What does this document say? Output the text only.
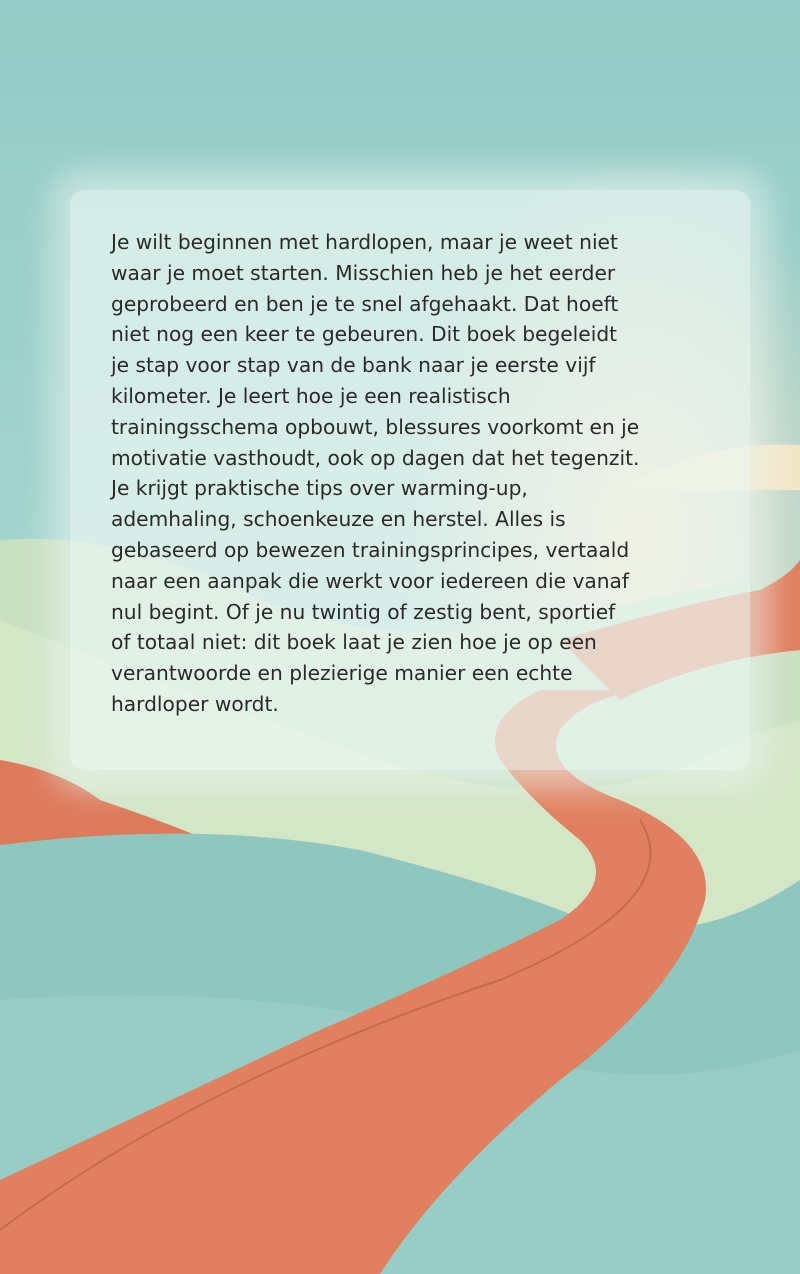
Je wilt beginnen met hardlopen, maar je weet niet
waar je moet starten. Misschien heb je het eerder
geprobeerd en ben je te snel afgehaakt. Dat hoeft
niet nog een keer te gebeuren. Dit boek begeleidt
je stap voor stap van de bank naar je eerste vijf
kilometer. Je leert hoe je een realistisch
trainingsschema opbouwt, blessures voorkomt en je
motivatie vasthoudt, ook op dagen dat het tegenzit.
Je krijgt praktische tips over warming-up,
ademhaling, schoenkeuze en herstel. Alles is
gebaseerd op bewezen trainingsprincipes, vertaald
naar een aanpak die werkt voor iedereen die vanaf
nul begint. Of je nu twintig of zestig bent, sportief
of totaal niet: dit boek laat je zien hoe je op een
verantwoorde en plezierige manier een echte
hardloper wordt.
